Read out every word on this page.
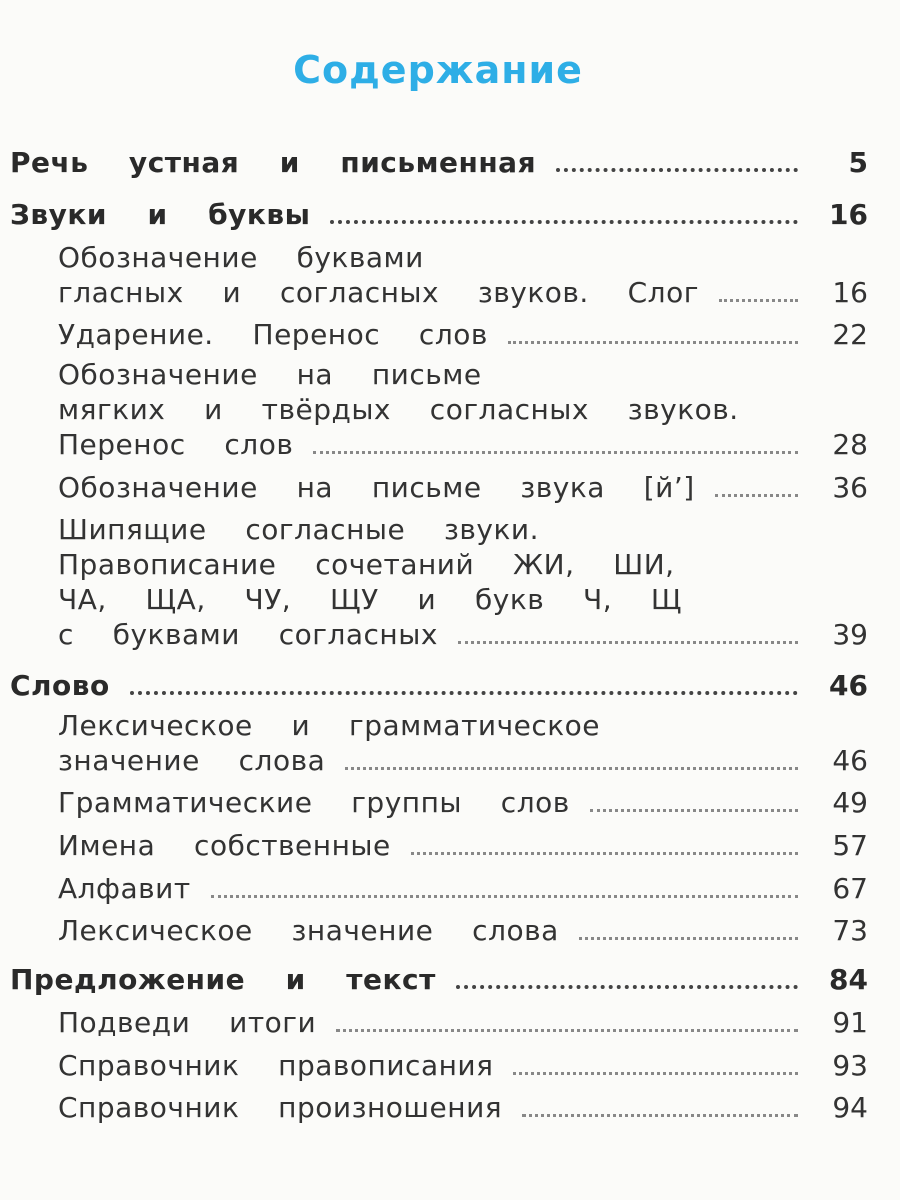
Содержание
Речь  устная  и  письменная	5
Звуки  и  буквы	16
Обозначение  буквами
гласных  и  согласных  звуков.  Слог	16
Ударение.  Перенос  слов	22
Обозначение  на  письме
мягких  и  твёрдых  согласных  звуков.
Перенос  слов	28
Обозначение  на  письме  звука  [й’]	36
Шипящие  согласные  звуки.
Правописание  сочетаний  ЖИ,  ШИ,
ЧА,  ЩА,  ЧУ,  ЩУ  и  букв  Ч,  Щ
с  буквами  согласных	39
Слово	46
Лексическое  и  грамматическое
значение  слова	46
Грамматические  группы  слов	49
Имена  собственные	57
Алфавит	67
Лексическое  значение  слова	73
Предложение  и  текст	84
Подведи  итоги	91
Справочник  правописания	93
Справочник  произношения	94
